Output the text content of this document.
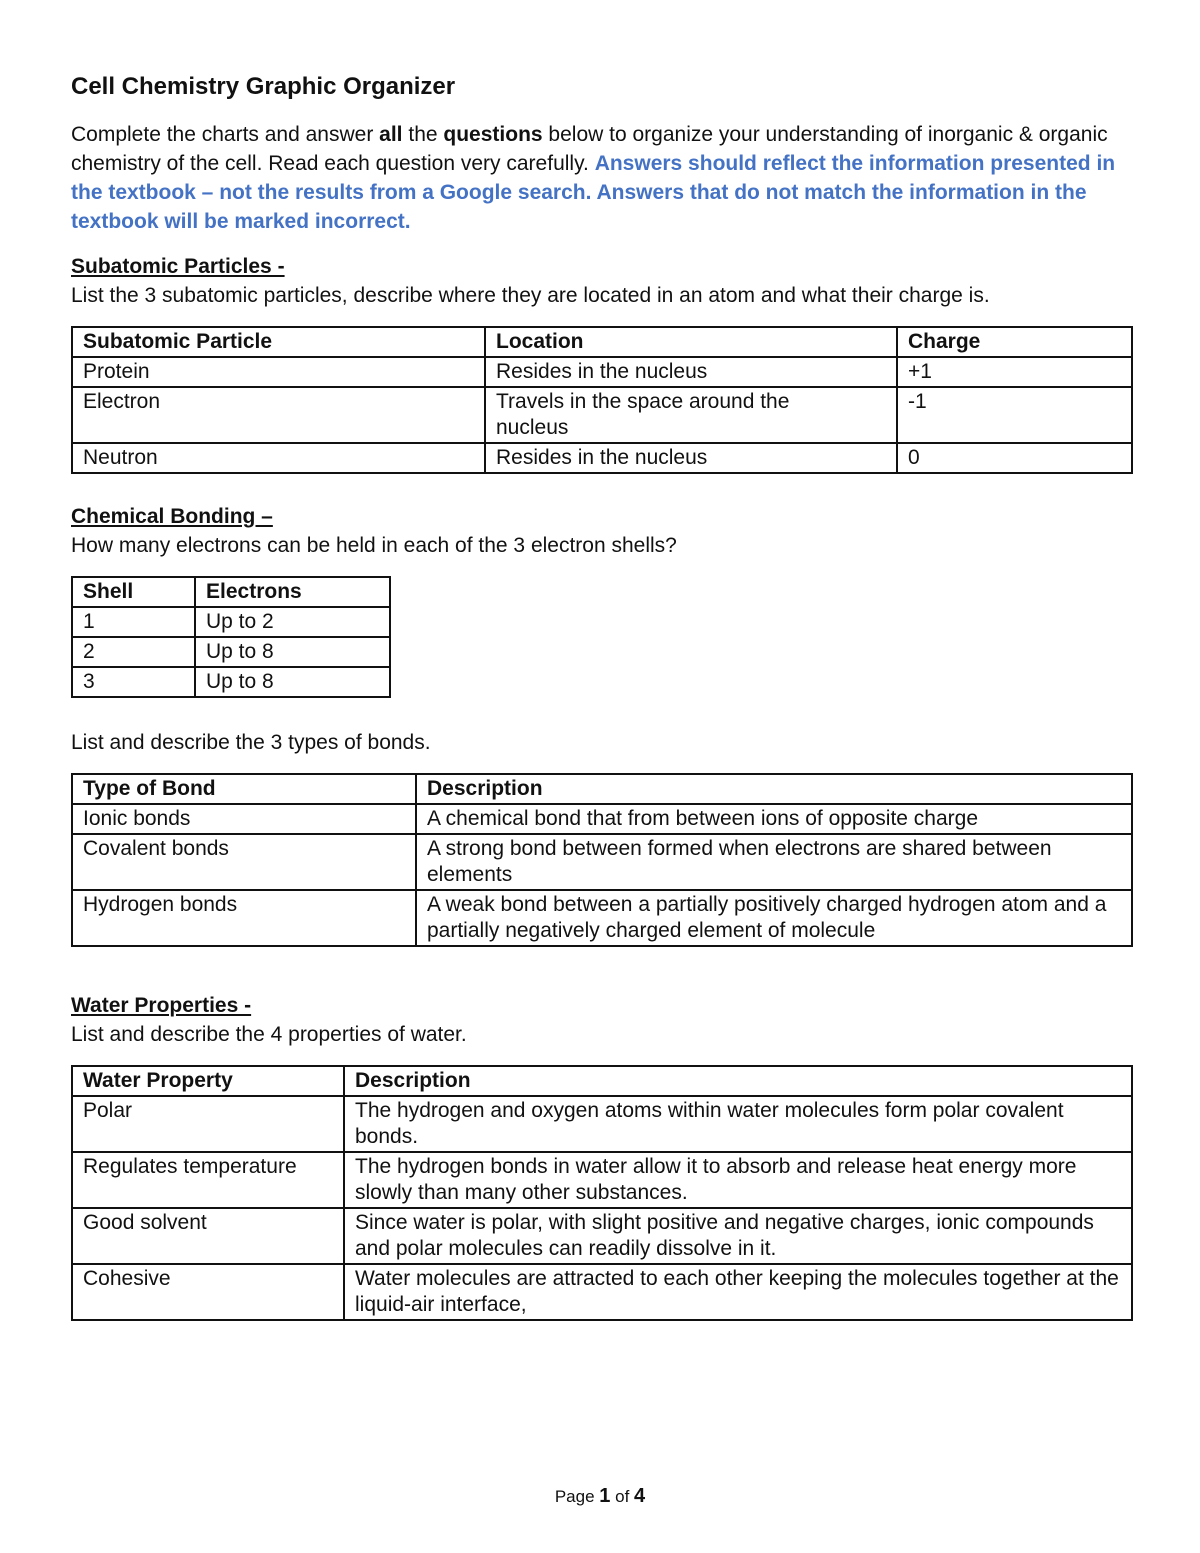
Cell Chemistry Graphic Organizer

Complete the charts and answer all the questions below to organize your understanding of inorganic & organic chemistry of the cell. Read each question very carefully. Answers should reflect the information presented in the textbook – not the results from a Google search. Answers that do not match the information in the textbook will be marked incorrect.

Subatomic Particles -

List the 3 subatomic particles, describe where they are located in an atom and what their charge is.

Subatomic Particle	Location	Charge
Protein	Resides in the nucleus	+1
Electron	Travels in the space around the nucleus	-1
Neutron	Resides in the nucleus	0

Chemical Bonding –

How many electrons can be held in each of the 3 electron shells?

Shell	Electrons
1	Up to 2
2	Up to 8
3	Up to 8

List and describe the 3 types of bonds.

Type of Bond	Description
Ionic bonds	A chemical bond that from between ions of opposite charge
Covalent bonds	A strong bond between formed when electrons are shared between elements
Hydrogen bonds	A weak bond between a partially positively charged hydrogen atom and a partially negatively charged element of molecule

Water Properties -

List and describe the 4 properties of water.

Water Property	Description
Polar	The hydrogen and oxygen atoms within water molecules form polar covalent bonds.
Regulates temperature	The hydrogen bonds in water allow it to absorb and release heat energy more slowly than many other substances.
Good solvent	Since water is polar, with slight positive and negative charges, ionic compounds and polar molecules can readily dissolve in it.
Cohesive	Water molecules are attracted to each other keeping the molecules together at the liquid-air interface,
Page 1 of 4
